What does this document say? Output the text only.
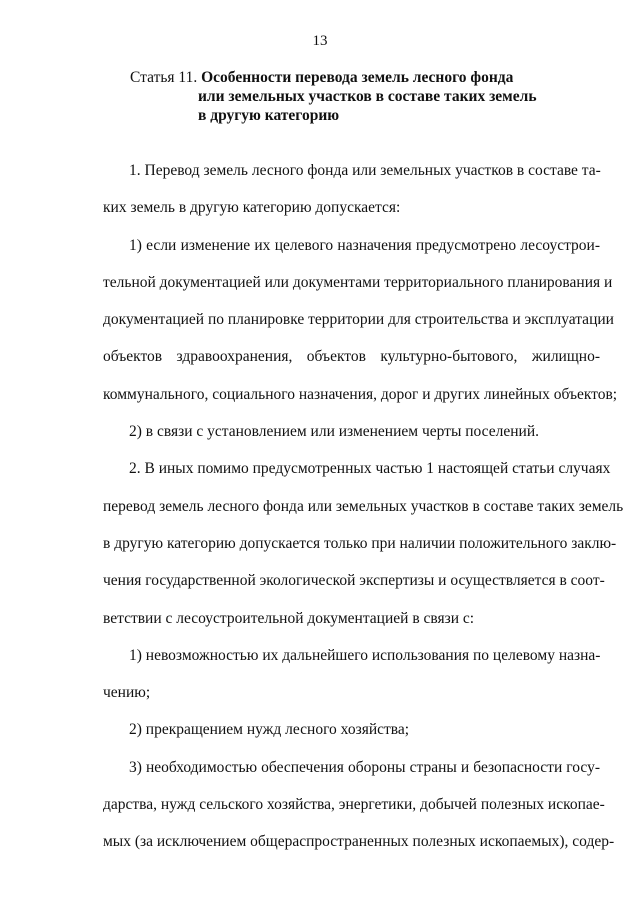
13
Статья 11. Особенности перевода земель лесного фонда
или земельных участков в составе таких земель
в другую категорию
1. Перевод земель лесного фонда или земельных участков в составе та-
ких земель в другую категорию допускается:
1) если изменение их целевого назначения предусмотрено лесоустрои-
тельной документацией или документами территориального планирования и
документацией по планировке территории для строительства и эксплуатации
объектов здравоохранения, объектов культурно-бытового, жилищно-
коммунального, социального назначения, дорог и других линейных объектов;
2) в связи с установлением или изменением черты поселений.
2. В иных помимо предусмотренных частью 1 настоящей статьи случаях
перевод земель лесного фонда или земельных участков в составе таких земель
в другую категорию допускается только при наличии положительного заклю-
чения государственной экологической экспертизы и осуществляется в соот-
ветствии с лесоустроительной документацией в связи с:
1) невозможностью их дальнейшего использования по целевому назна-
чению;
2) прекращением нужд лесного хозяйства;
3) необходимостью обеспечения обороны страны и безопасности госу-
дарства, нужд сельского хозяйства, энергетики, добычей полезных ископае-
мых (за исключением общераспространенных полезных ископаемых), содер-
